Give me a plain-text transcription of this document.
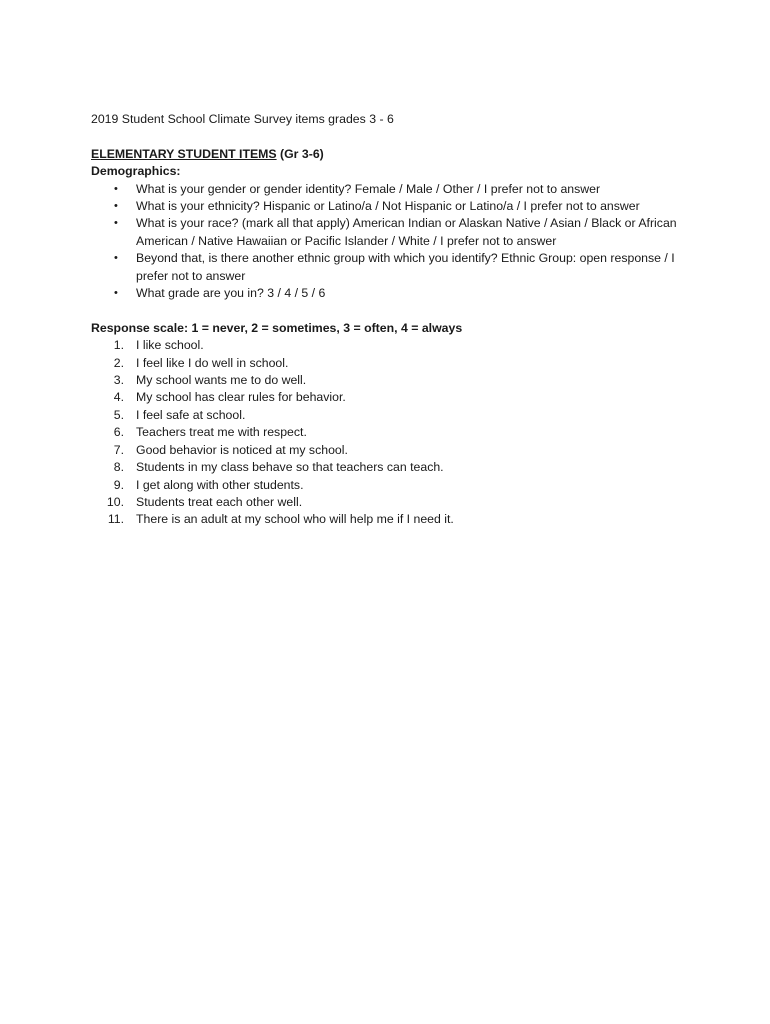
2019 Student School Climate Survey items grades 3 - 6

ELEMENTARY STUDENT ITEMS (Gr 3-6)
Demographics:
• What is your gender or gender identity? Female / Male / Other / I prefer not to answer
• What is your ethnicity? Hispanic or Latino/a / Not Hispanic or Latino/a / I prefer not to answer
• What is your race? (mark all that apply) American Indian or Alaskan Native / Asian / Black or African American / Native Hawaiian or Pacific Islander / White / I prefer not to answer
• Beyond that, is there another ethnic group with which you identify? Ethnic Group: open response / I prefer not to answer
• What grade are you in? 3 / 4 / 5 / 6
Response scale: 1 = never, 2 = sometimes, 3 = often, 4 = always
1. I like school.
2. I feel like I do well in school.
3. My school wants me to do well.
4. My school has clear rules for behavior.
5. I feel safe at school.
6. Teachers treat me with respect.
7. Good behavior is noticed at my school.
8. Students in my class behave so that teachers can teach.
9. I get along with other students.
10. Students treat each other well.
11. There is an adult at my school who will help me if I need it.
